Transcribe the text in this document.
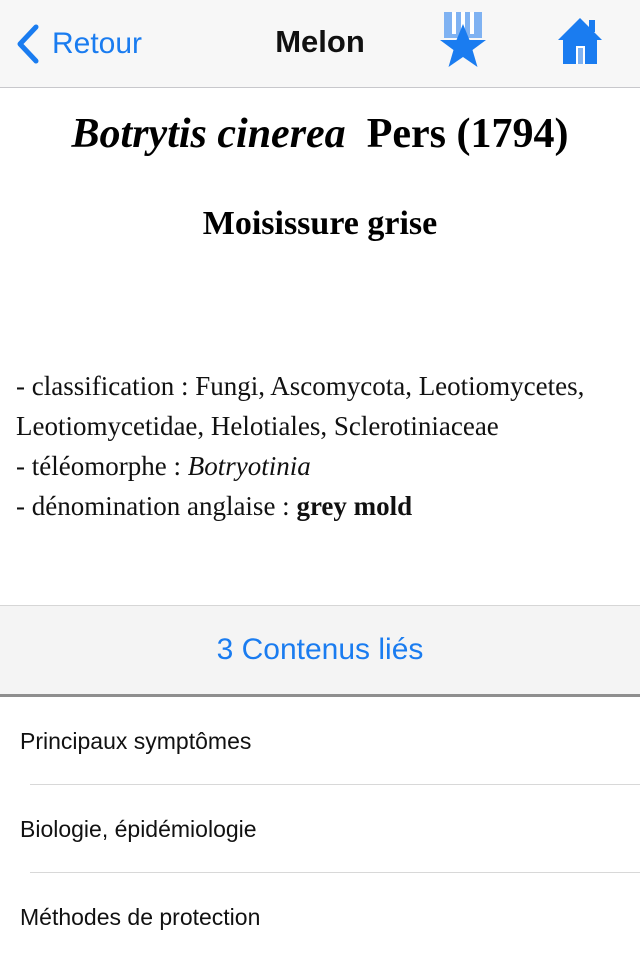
Retour	Melon
Botrytis cinerea Pers (1794)
Moisissure grise
- classification : Fungi, Ascomycota, Leotiomycetes, Leotiomycetidae, Helotiales, Sclerotiniaceae
- téléomorphe : Botryotinia
- dénomination anglaise : grey mold
3 Contenus liés
Principaux symptômes
Biologie, épidémiologie
Méthodes de protection
